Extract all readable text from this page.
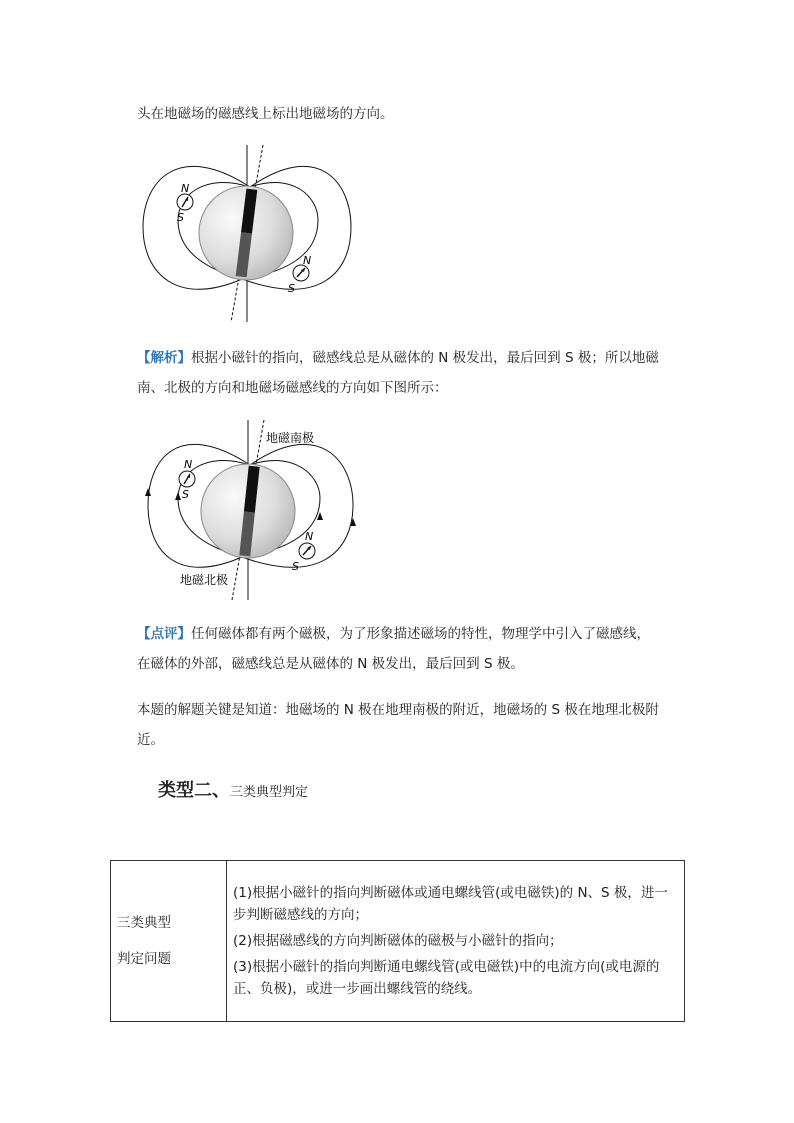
头在地磁场的磁感线上标出地磁场的方向。
N
S
N
S
【解析】根据小磁针的指向，磁感线总是从磁体的 N 极发出，最后回到 S 极；所以地磁
南、北极的方向和地磁场磁感线的方向如下图所示：
地磁南极
地磁北极
N
S
N
S
【点评】任何磁体都有两个磁极，为了形象描述磁场的特性，物理学中引入了磁感线，
在磁体的外部，磁感线总是从磁体的 N 极发出，最后回到 S 极。
本题的解题关键是知道：地磁场的 N 极在地理南极的附近，地磁场的 S 极在地理北极附
近。
类型二、三类典型判定
三类典型
判定问题

(1)根据小磁针的指向判断磁体或通电螺线管(或电磁铁)的 N、S 极，进一步判断磁感线的方向；
(2)根据磁感线的方向判断磁体的磁极与小磁针的指向；
(3)根据小磁针的指向判断通电螺线管(或电磁铁)中的电流方向(或电源的正、负极)，或进一步画出螺线管的绕线。
